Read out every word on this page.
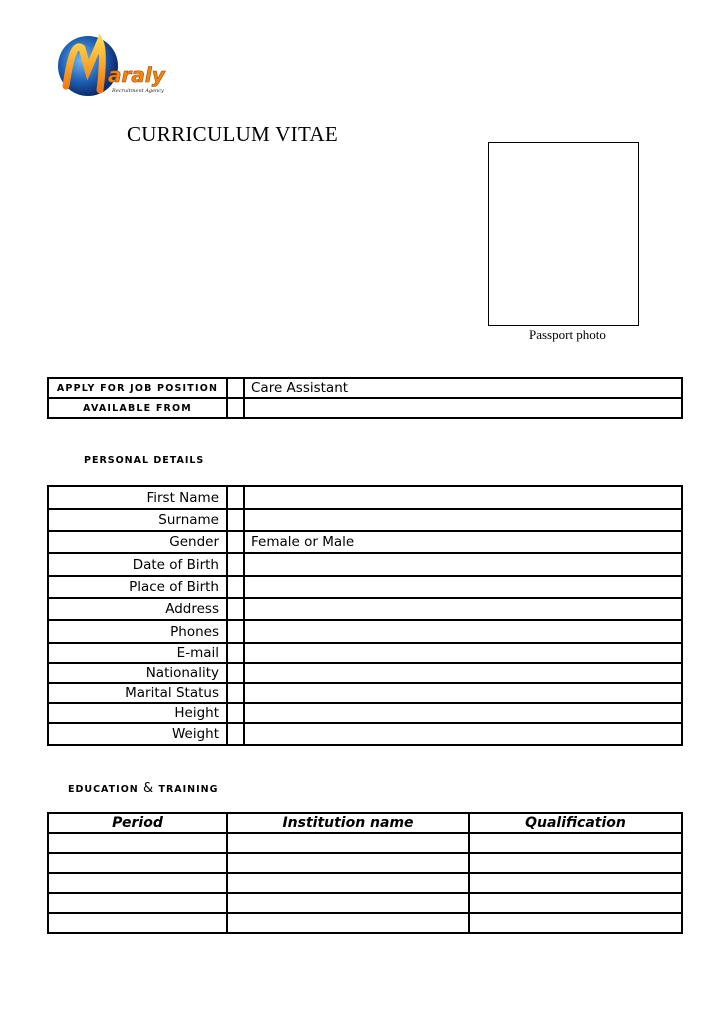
araly
Recruitment Agency
CURRICULUM VITAE
Passport photo
APPLY FOR JOB POSITION		Care Assistant
AVAILABLE FROM		
PERSONAL DETAILS
First Name		
Surname		
Gender		Female or Male
Date of Birth		
Place of Birth		
Address		
Phones		
E-mail		
Nationality		
Marital Status		
Height		
Weight		
EDUCATION & TRAINING
Period	Institution name	Qualification
